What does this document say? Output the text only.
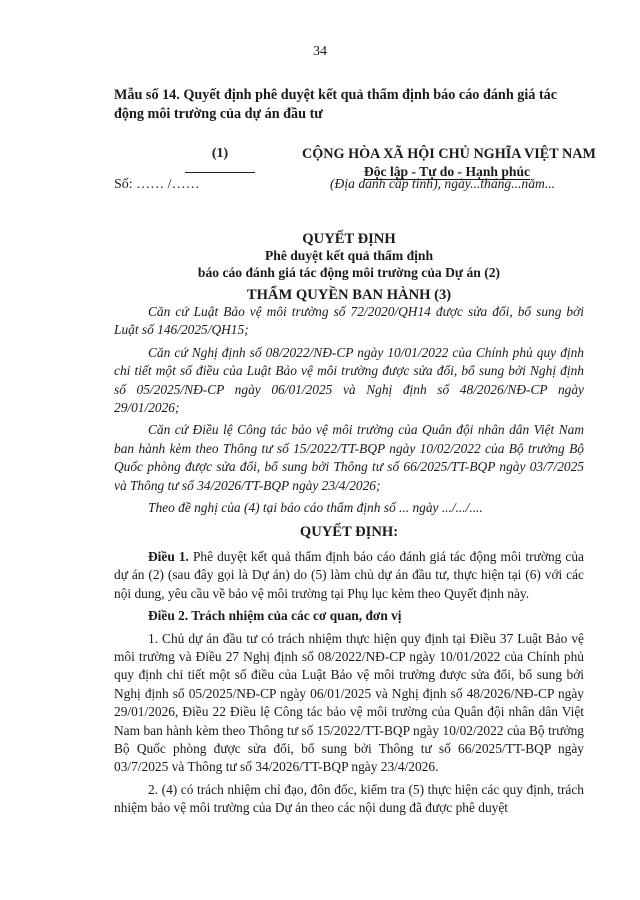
34
Mẫu số 14. Quyết định phê duyệt kết quả thẩm định báo cáo đánh giá tác động môi trường của dự án đầu tư
(1)
Số: …… /……
CỘNG HÒA XÃ HỘI CHỦ NGHĨA VIỆT NAM
Độc lập - Tự do - Hạnh phúc
(Địa danh cấp tỉnh), ngày...tháng...năm...
QUYẾT ĐỊNH
Phê duyệt kết quả thẩm định
báo cáo đánh giá tác động môi trường của Dự án (2)
THẨM QUYỀN BAN HÀNH (3)

Căn cứ Luật Bảo vệ môi trường số 72/2020/QH14 được sửa đổi, bổ sung bởi Luật số 146/2025/QH15;

Căn cứ Nghị định số 08/2022/NĐ-CP ngày 10/01/2022 của Chính phủ quy định chi tiết một số điều của Luật Bảo vệ môi trường được sửa đổi, bổ sung bởi Nghị định số 05/2025/NĐ-CP ngày 06/01/2025 và Nghị định số 48/2026/NĐ-CP ngày 29/01/2026;

Căn cứ Điều lệ Công tác bảo vệ môi trường của Quân đội nhân dân Việt Nam ban hành kèm theo Thông tư số 15/2022/TT-BQP ngày 10/02/2022 của Bộ trưởng Bộ Quốc phòng được sửa đổi, bổ sung bởi Thông tư số 66/2025/TT-BQP ngày 03/7/2025 và Thông tư số 34/2026/TT-BQP ngày 23/4/2026;

Theo đề nghị của (4) tại báo cáo thẩm định số ... ngày .../.../....

QUYẾT ĐỊNH:

Điều 1. Phê duyệt kết quả thẩm định báo cáo đánh giá tác động môi trường của dự án (2) (sau đây gọi là Dự án) do (5) làm chủ dự án đầu tư, thực hiện tại (6) với các nội dung, yêu cầu về bảo vệ môi trường tại Phụ lục kèm theo Quyết định này.

Điều 2. Trách nhiệm của các cơ quan, đơn vị

1. Chủ dự án đầu tư có trách nhiệm thực hiện quy định tại Điều 37 Luật Bảo vệ môi trường và Điều 27 Nghị định số 08/2022/NĐ-CP ngày 10/01/2022 của Chính phủ quy định chi tiết một số điều của Luật Bảo vệ môi trường được sửa đổi, bổ sung bởi Nghị định số 05/2025/NĐ-CP ngày 06/01/2025 và Nghị định số 48/2026/NĐ-CP ngày 29/01/2026, Điều 22 Điều lệ Công tác bảo vệ môi trường của Quân đội nhân dân Việt Nam ban hành kèm theo Thông tư số 15/2022/TT-BQP ngày 10/02/2022 của Bộ trưởng Bộ Quốc phòng được sửa đổi, bổ sung bởi Thông tư số 66/2025/TT-BQP ngày 03/7/2025 và Thông tư số 34/2026/TT-BQP ngày 23/4/2026.

2. (4) có trách nhiệm chỉ đạo, đôn đốc, kiểm tra (5) thực hiện các quy định, trách nhiệm bảo vệ môi trường của Dự án theo các nội dung đã được phê duyệt
